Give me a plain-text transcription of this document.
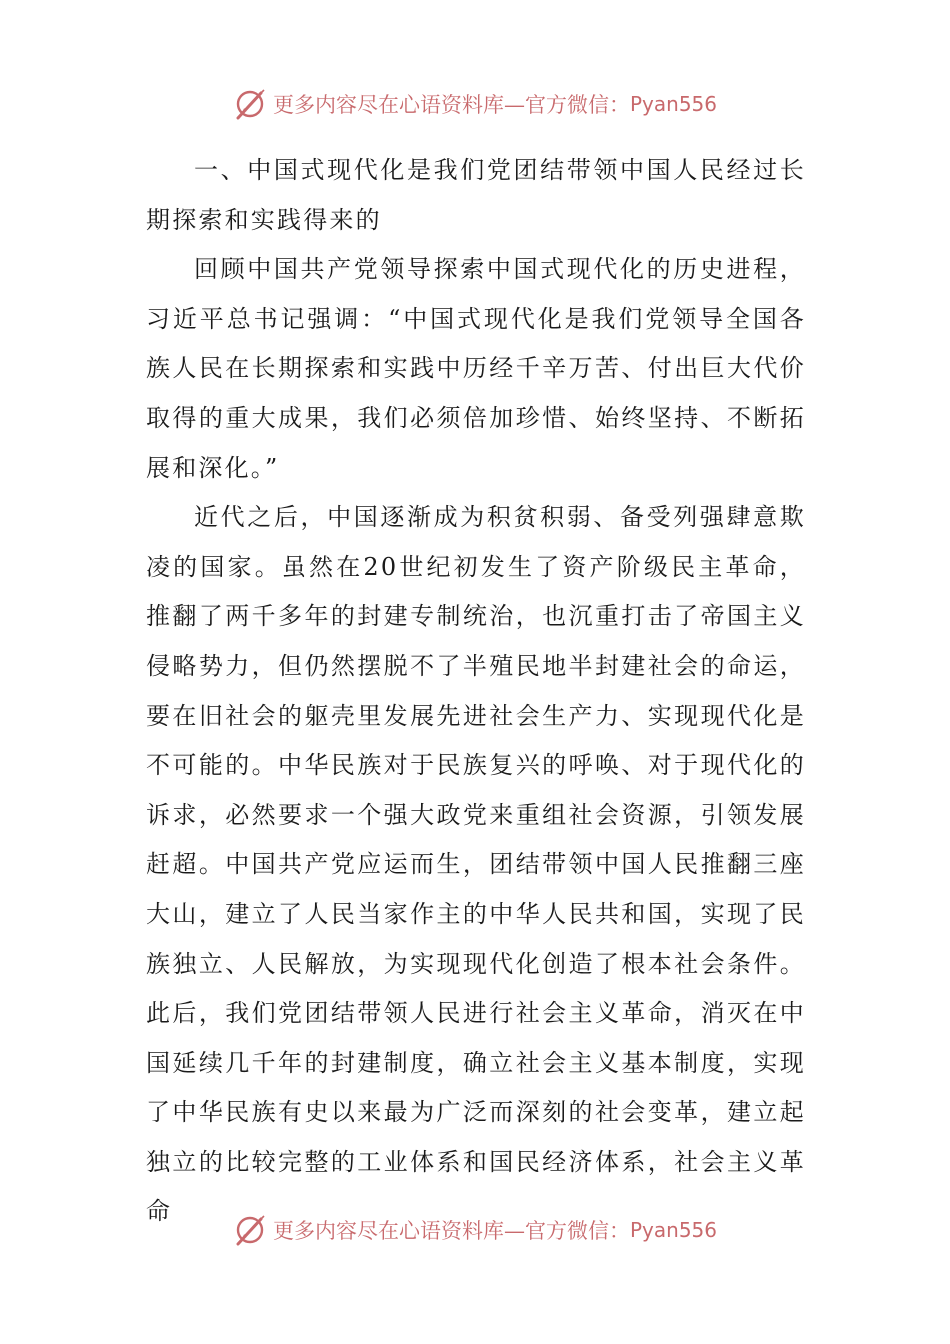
更多内容尽在心语资料库—官方微信： Pyan556

一、中国式现代化是我们党团结带领中国人民经过长期探索和实践得来的

回顾中国共产党领导探索中国式现代化的历史进程，习近平总书记强调：“中国式现代化是我们党领导全国各族人民在长期探索和实践中历经千辛万苦、付出巨大代价取得的重大成果，我们必须倍加珍惜、始终坚持、不断拓展和深化。”

近代之后，中国逐渐成为积贫积弱、备受列强肆意欺凌的国家。虽然在20世纪初发生了资产阶级民主革命，推翻了两千多年的封建专制统治，也沉重打击了帝国主义侵略势力，但仍然摆脱不了半殖民地半封建社会的命运，要在旧社会的躯壳里发展先进社会生产力、实现现代化是不可能的。中华民族对于民族复兴的呼唤、对于现代化的诉求，必然要求一个强大政党来重组社会资源，引领发展赶超。中国共产党应运而生，团结带领中国人民推翻三座大山，建立了人民当家作主的中华人民共和国，实现了民族独立、人民解放，为实现现代化创造了根本社会条件。此后，我们党团结带领人民进行社会主义革命，消灭在中国延续几千年的封建制度，确立社会主义基本制度，实现了中华民族有史以来最为广泛而深刻的社会变革，建立起独立的比较完整的工业体系和国民经济体系，社会主义革命

更多内容尽在心语资料库—官方微信： Pyan556
